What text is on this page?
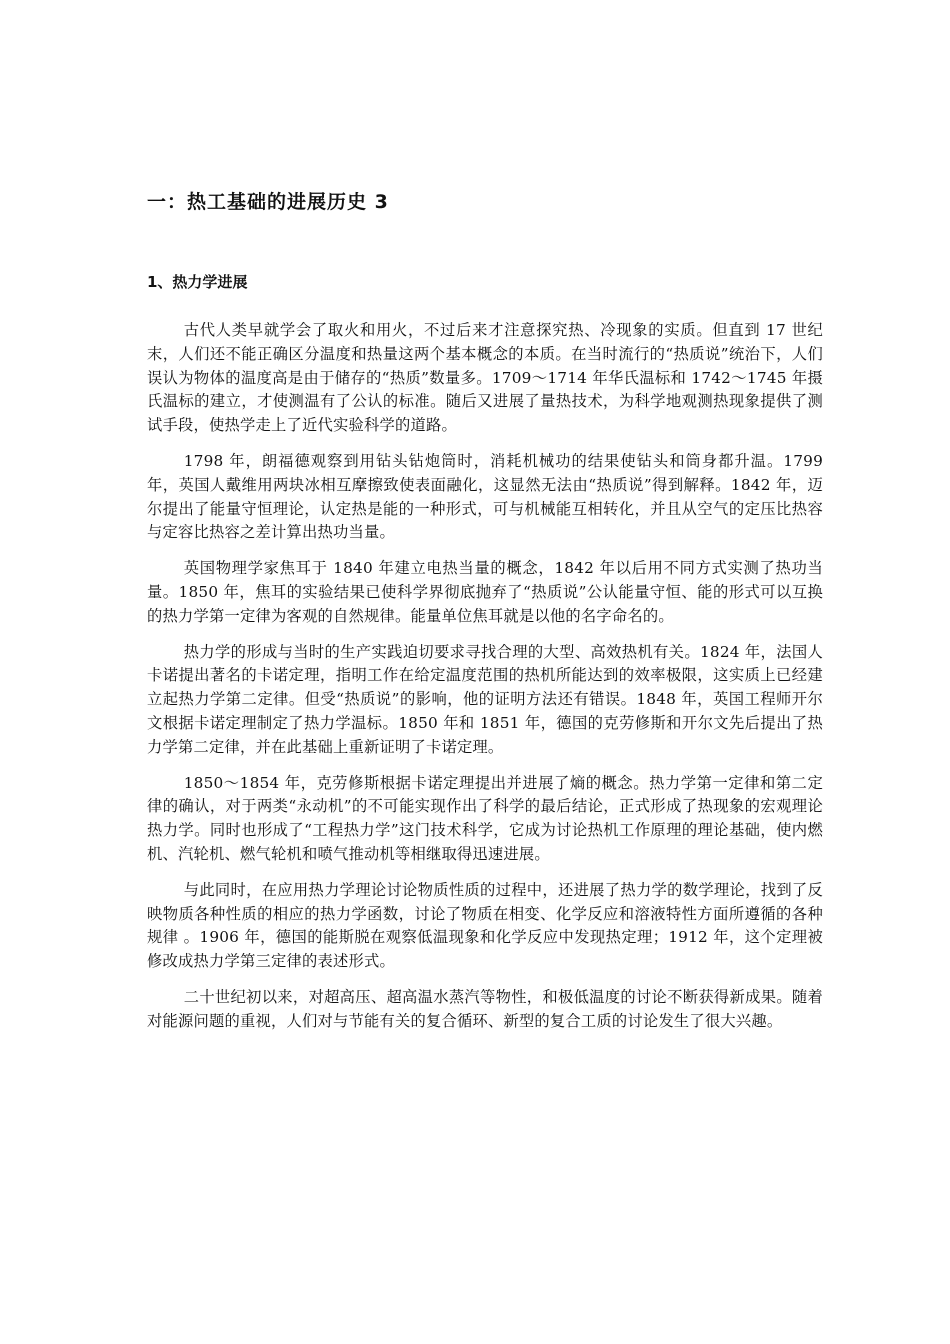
一：热工基础的进展历史 3
1、热力学进展

古代人类早就学会了取火和用火，不过后来才注意探究热、冷现象的实质。但直到 17 世纪末，人们还不能正确区分温度和热量这两个基本概念的本质。在当时流行的“热质说”统治下，人们误认为物体的温度高是由于储存的“热质”数量多。1709～1714 年华氏温标和 1742～1745 年摄氏温标的建立，才使测温有了公认的标准。随后又进展了量热技术，为科学地观测热现象提供了测试手段，使热学走上了近代实验科学的道路。

1798 年，朗福德观察到用钻头钻炮筒时，消耗机械功的结果使钻头和筒身都升温。1799 年，英国人戴维用两块冰相互摩擦致使表面融化，这显然无法由“热质说”得到解释。1842 年，迈尔提出了能量守恒理论，认定热是能的一种形式，可与机械能互相转化，并且从空气的定压比热容与定容比热容之差计算出热功当量。

英国物理学家焦耳于 1840 年建立电热当量的概念，1842 年以后用不同方式实测了热功当量。1850 年，焦耳的实验结果已使科学界彻底抛弃了“热质说”公认能量守恒、能的形式可以互换的热力学第一定律为客观的自然规律。能量单位焦耳就是以他的名字命名的。

热力学的形成与当时的生产实践迫切要求寻找合理的大型、高效热机有关。1824 年，法国人卡诺提出著名的卡诺定理，指明工作在给定温度范围的热机所能达到的效率极限，这实质上已经建立起热力学第二定律。但受“热质说”的影响，他的证明方法还有错误。1848 年，英国工程师开尔文根据卡诺定理制定了热力学温标。1850 年和 1851 年，德国的克劳修斯和开尔文先后提出了热力学第二定律，并在此基础上重新证明了卡诺定理。

1850～1854 年，克劳修斯根据卡诺定理提出并进展了熵的概念。热力学第一定律和第二定律的确认，对于两类“永动机”的不可能实现作出了科学的最后结论，正式形成了热现象的宏观理论热力学。同时也形成了“工程热力学”这门技术科学，它成为讨论热机工作原理的理论基础，使内燃机、汽轮机、燃气轮机和喷气推动机等相继取得迅速进展。

与此同时，在应用热力学理论讨论物质性质的过程中，还进展了热力学的数学理论，找到了反映物质各种性质的相应的热力学函数，讨论了物质在相变、化学反应和溶液特性方面所遵循的各种规律 。1906 年，德国的能斯脱在观察低温现象和化学反应中发现热定理；1912 年，这个定理被修改成热力学第三定律的表述形式。

二十世纪初以来，对超高压、超高温水蒸汽等物性，和极低温度的讨论不断获得新成果。随着对能源问题的重视，人们对与节能有关的复合循环、新型的复合工质的讨论发生了很大兴趣。
